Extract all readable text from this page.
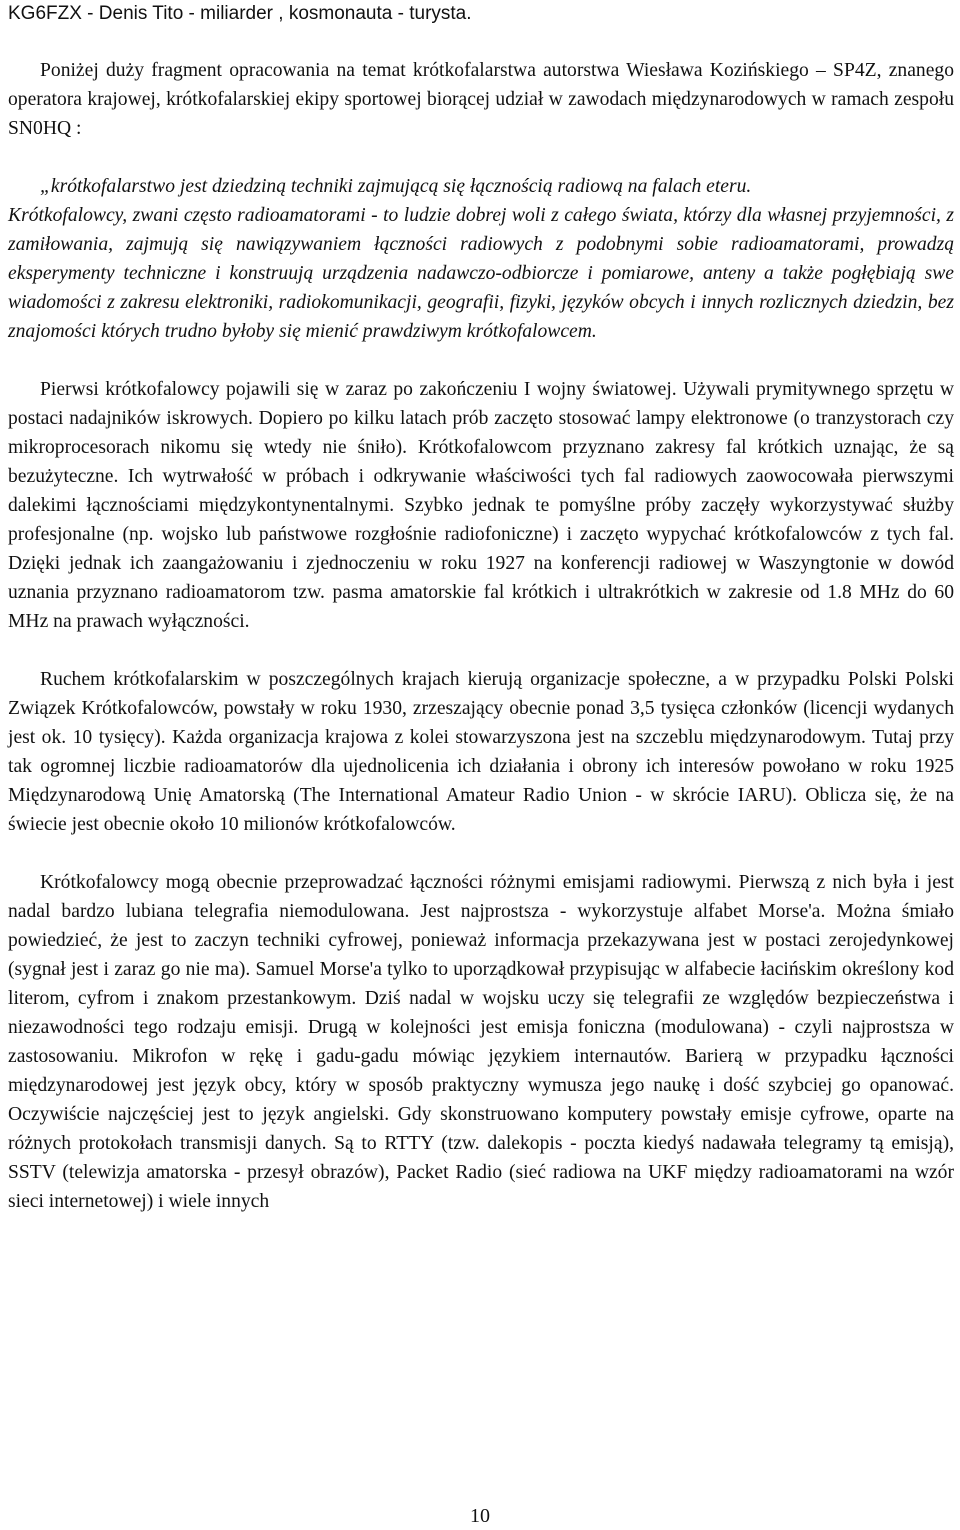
KG6FZX - Denis Tito - miliarder , kosmonauta - turysta.

Poniżej duży fragment opracowania na temat krótkofalarstwa autorstwa Wiesława Kozińskiego – SP4Z, znanego operatora krajowej, krótkofalarskiej ekipy sportowej biorącej udział w zawodach międzynarodowych w ramach zespołu SN0HQ :

„krótkofalarstwo jest dziedziną techniki zajmującą się łącznością radiową na falach eteru.

Krótkofalowcy, zwani często radioamatorami - to ludzie dobrej woli z całego świata, którzy dla własnej przyjemności, z zamiłowania, zajmują się nawiązywaniem łączności radiowych z podobnymi sobie radioamatorami, prowadzą eksperymenty techniczne i konstruują urządzenia nadawczo-odbiorcze i pomiarowe, anteny a także pogłębiają swe wiadomości z zakresu elektroniki, radiokomunikacji, geografii, fizyki, języków obcych i innych rozlicznych dziedzin, bez znajomości których trudno byłoby się mienić prawdziwym krótkofalowcem.

Pierwsi krótkofalowcy pojawili się w zaraz po zakończeniu I wojny światowej. Używali prymitywnego sprzętu w postaci nadajników iskrowych. Dopiero po kilku latach prób zaczęto stosować lampy elektronowe (o tranzystorach czy mikroprocesorach nikomu się wtedy nie śniło). Krótkofalowcom przyznano zakresy fal krótkich uznając, że są bezużyteczne. Ich wytrwałość w próbach i odkrywanie właściwości tych fal radiowych zaowocowała pierwszymi dalekimi łącznościami międzykontynentalnymi. Szybko jednak te pomyślne próby zaczęły wykorzystywać służby profesjonalne (np. wojsko lub państwowe rozgłośnie radiofoniczne) i zaczęto wypychać krótkofalowców z tych fal. Dzięki jednak ich zaangażowaniu i zjednoczeniu w roku 1927 na konferencji radiowej w Waszyngtonie w dowód uznania przyznano radioamatorom tzw. pasma amatorskie fal krótkich i ultrakrótkich w zakresie od 1.8 MHz do 60 MHz na prawach wyłączności.

Ruchem krótkofalarskim w poszczególnych krajach kierują organizacje społeczne, a w przypadku Polski Polski Związek Krótkofalowców, powstały w roku 1930, zrzeszający obecnie ponad 3,5 tysięca członków (licencji wydanych jest ok. 10 tysięcy). Każda organizacja krajowa z kolei stowarzyszona jest na szczeblu międzynarodowym. Tutaj przy tak ogromnej liczbie radioamatorów dla ujednolicenia ich działania i obrony ich interesów powołano w roku 1925 Międzynarodową Unię Amatorską (The International Amateur Radio Union - w skrócie IARU). Oblicza się, że na świecie jest obecnie około 10 milionów krótkofalowców.

Krótkofalowcy mogą obecnie przeprowadzać łączności różnymi emisjami radiowymi. Pierwszą z nich była i jest nadal bardzo lubiana telegrafia niemodulowana. Jest najprostsza - wykorzystuje alfabet Morse'a. Można śmiało powiedzieć, że jest to zaczyn techniki cyfrowej, ponieważ informacja przekazywana jest w postaci zerojedynkowej (sygnał jest i zaraz go nie ma). Samuel Morse'a tylko to uporządkował przypisując w alfabecie łacińskim określony kod literom, cyfrom i znakom przestankowym. Dziś nadal w wojsku uczy się telegrafii ze względów bezpieczeństwa i niezawodności tego rodzaju emisji. Drugą w kolejności jest emisja foniczna (modulowana) - czyli najprostsza w zastosowaniu. Mikrofon w rękę i gadu-gadu mówiąc językiem internautów. Barierą w przypadku łączności międzynarodowej jest język obcy, który w sposób praktyczny wymusza jego naukę i dość szybciej go opanować. Oczywiście najczęściej jest to język angielski. Gdy skonstruowano komputery powstały emisje cyfrowe, oparte na różnych protokołach transmisji danych. Są to RTTY (tzw. dalekopis - poczta kiedyś nadawała telegramy tą emisją), SSTV (telewizja amatorska - przesył obrazów), Packet Radio (sieć radiowa na UKF między radioamatorami na wzór sieci internetowej) i wiele innych

10
